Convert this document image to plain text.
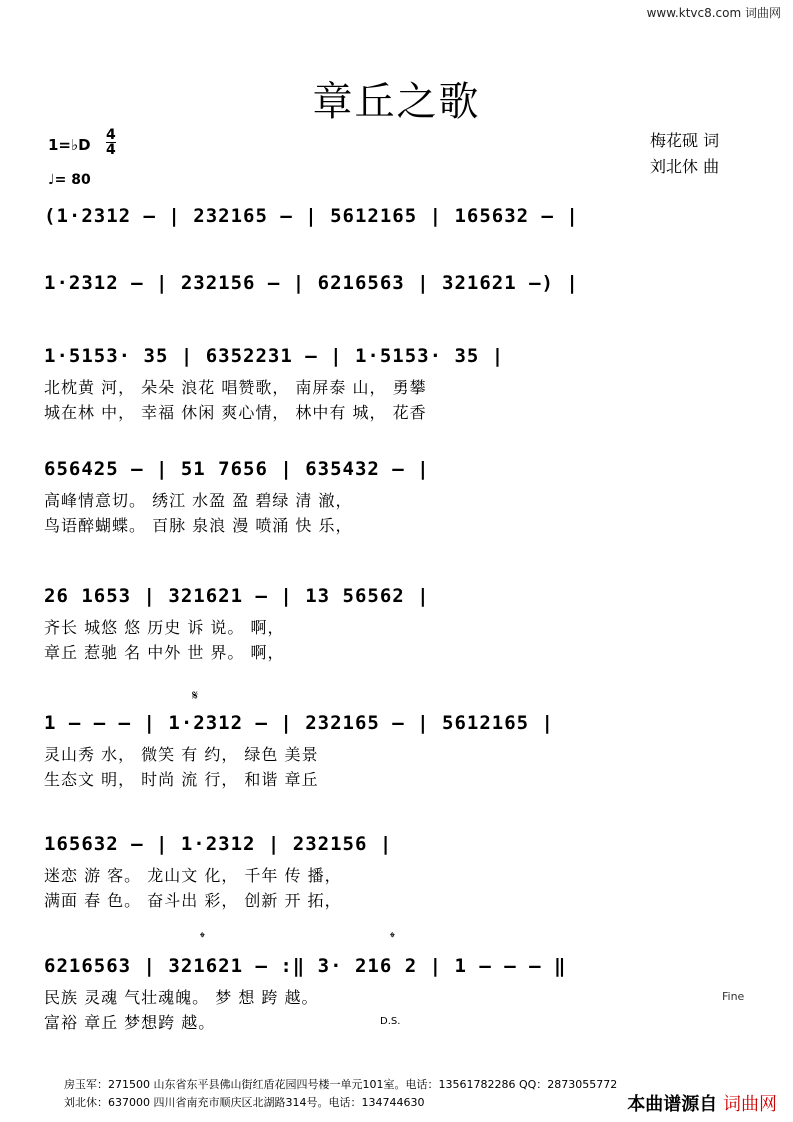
www.ktvc8.com 词曲网
章丘之歌
1=♭D
4
4
♩= 80
梅花砚 词
刘北休 曲
(1·2312 – | 232165 – | 5612165 | 165632 – |
1·2312 – | 232156 – | 6216563 | 321621 –) |
1·5153· 35 | 6352231 – | 1·5153· 35 |
北枕黄 河， 朵朵 浪花 唱赞歌， 南屏泰 山， 勇攀
城在林 中， 幸福 休闲 爽心情， 林中有 城， 花香
656425 – | 51 7656 | 635432 – |
高峰情意切。 绣江 水盈 盈 碧绿 清 澈，
鸟语醉蝴蝶。 百脉 泉浪 漫 喷涌 快 乐，
26 1653 | 321621 – | 13 56562 |
齐长 城悠 悠 历史 诉 说。 啊，
章丘 惹驰 名 中外 世 界。 啊，
1 – – – | 1·2312 – | 232165 – | 5612165 |
灵山秀 水， 微笑 有 约， 绿色 美景
生态文 明， 时尚 流 行， 和谐 章丘
165632 – | 1·2312 | 232156 |
迷恋 游 客。 龙山文 化， 千年 传 播，
满面 春 色。 奋斗出 彩， 创新 开 拓，
6216563 | 321621 – :‖ 3· 216 2 | 1 – – – ‖
民族 灵魂 气壮魂魄。 梦 想 跨 越。
富裕 章丘 梦想跨 越。
𝄋
𝄌	𝄌
Fine
D.S.
房玉军：271500 山东省东平县佛山街红盾花园四号楼一单元101室。电话：13561782286 QQ：2873055772
刘北休：637000 四川省南充市顺庆区北湖路314号。电话：134744630	本曲谱源自 词曲网
